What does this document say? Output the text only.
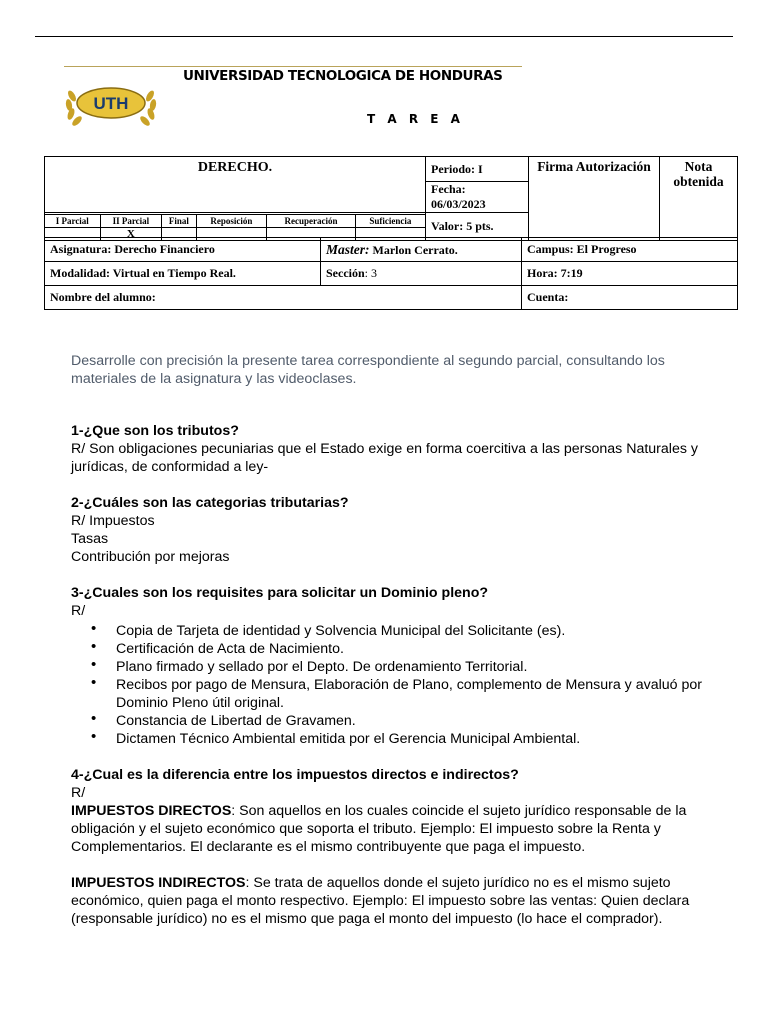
UTH
UNIVERSIDAD TECNOLOGICA DE HONDURAS
T A R E A
DERECHO.	Periodo: I	Firma Autorización	Nota obtenida
Fecha: 06/03/2023

I Parcial	II Parcial	Final	Reposición	Recuperación	Suficiencia
	X				
	Valor: 5 pts.
Asignatura: Derecho Financiero	Master: Marlon Cerrato.	Campus: El Progreso
Modalidad: Virtual en Tiempo Real.	Sección: 3	Hora: 7:19
Nombre del alumno:		Cuenta:

Desarrolle con precisión la presente tarea correspondiente al segundo parcial, consultando los materiales de la asignatura y las videoclases.

1-¿Que son los tributos?
R/ Son obligaciones pecuniarias que el Estado exige en forma coercitiva a las personas Naturales y jurídicas, de conformidad a ley-
2-¿Cuáles son las categorias tributarias?
R/ Impuestos
Tasas
Contribución por mejoras
3-¿Cuales son los requisites para solicitar un Dominio pleno?
R/
• Copia de Tarjeta de identidad y Solvencia Municipal del Solicitante (es).
• Certificación de Acta de Nacimiento.
• Plano firmado y sellado por el Depto. De ordenamiento Territorial.
• Recibos por pago de Mensura, Elaboración de Plano, complemento de Mensura y avaluó por Dominio Pleno útil original.
• Constancia de Libertad de Gravamen.
• Dictamen Técnico Ambiental emitida por el Gerencia Municipal Ambiental.
4-¿Cual es la diferencia entre los impuestos directos e indirectos?
R/
IMPUESTOS DIRECTOS: Son aquellos en los cuales coincide el sujeto jurídico responsable de la obligación y el sujeto económico que soporta el tributo. Ejemplo: El impuesto sobre la Renta y Complementarios. El declarante es el mismo contribuyente que paga el impuesto.
IMPUESTOS INDIRECTOS: Se trata de aquellos donde el sujeto jurídico no es el mismo sujeto económico, quien paga el monto respectivo. Ejemplo: El impuesto sobre las ventas: Quien declara (responsable jurídico) no es el mismo que paga el monto del impuesto (lo hace el comprador).
